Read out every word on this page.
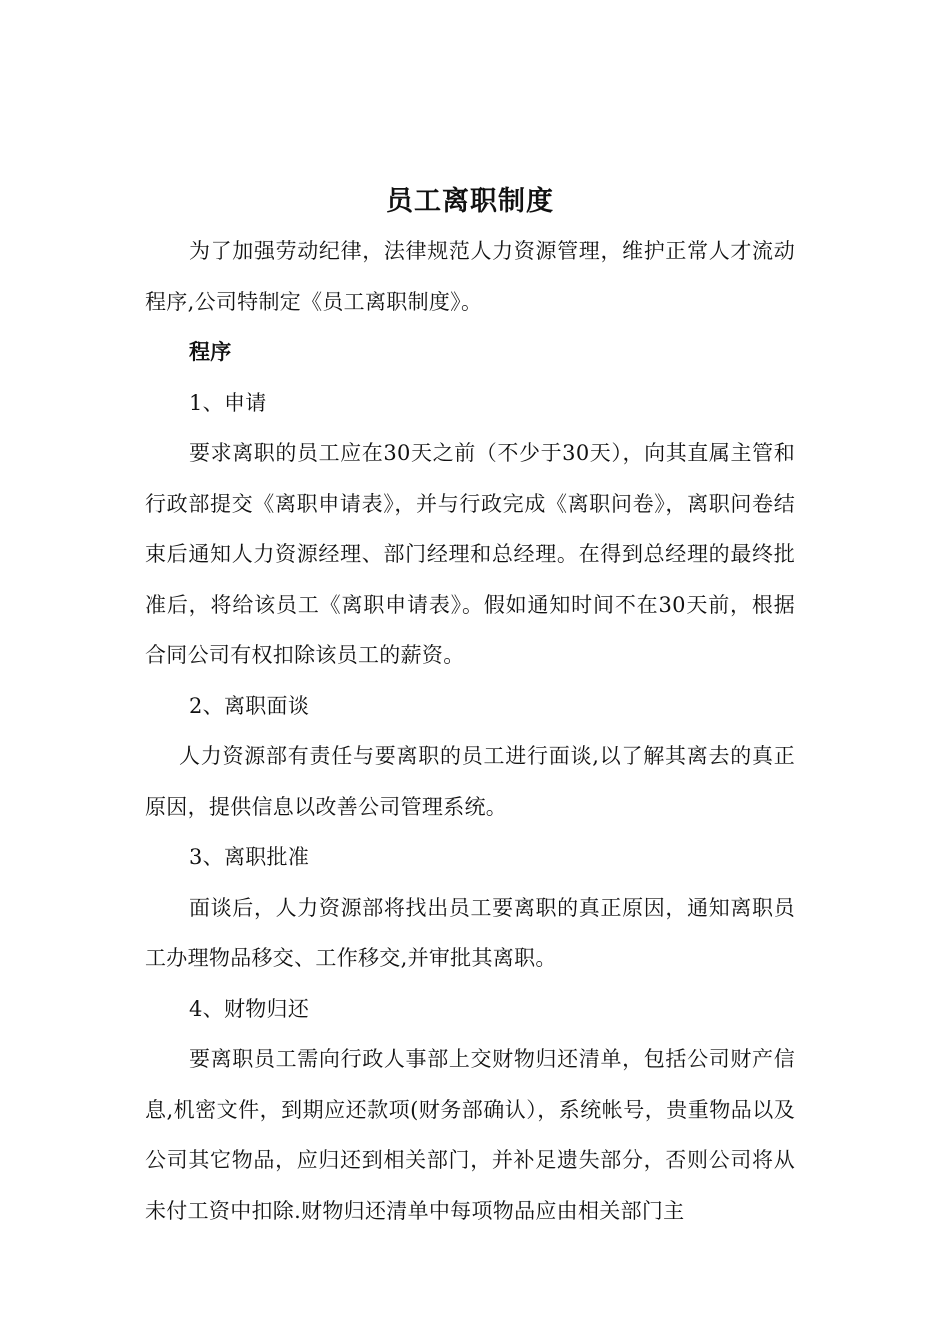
员工离职制度

为了加强劳动纪律，法律规范人力资源管理，维护正常人才流动程序,公司特制定《员工离职制度》。

程序

1、申请

要求离职的员工应在30天之前（不少于30天），向其直属主管和行政部提交《离职申请表》，并与行政完成《离职问卷》，离职问卷结束后通知人力资源经理、部门经理和总经理。在得到总经理的最终批准后，将给该员工《离职申请表》。假如通知时间不在30天前，根据合同公司有权扣除该员工的薪资。

2、离职面谈

人力资源部有责任与要离职的员工进行面谈,以了解其离去的真正原因，提供信息以改善公司管理系统。

3、离职批准

面谈后，人力资源部将找出员工要离职的真正原因，通知离职员工办理物品移交、工作移交,并审批其离职。

4、财物归还

要离职员工需向行政人事部上交财物归还清单，包括公司财产信息,机密文件，到期应还款项(财务部确认），系统帐号，贵重物品以及公司其它物品，应归还到相关部门，并补足遗失部分，否则公司将从未付工资中扣除.财物归还清单中每项物品应由相关部门主
